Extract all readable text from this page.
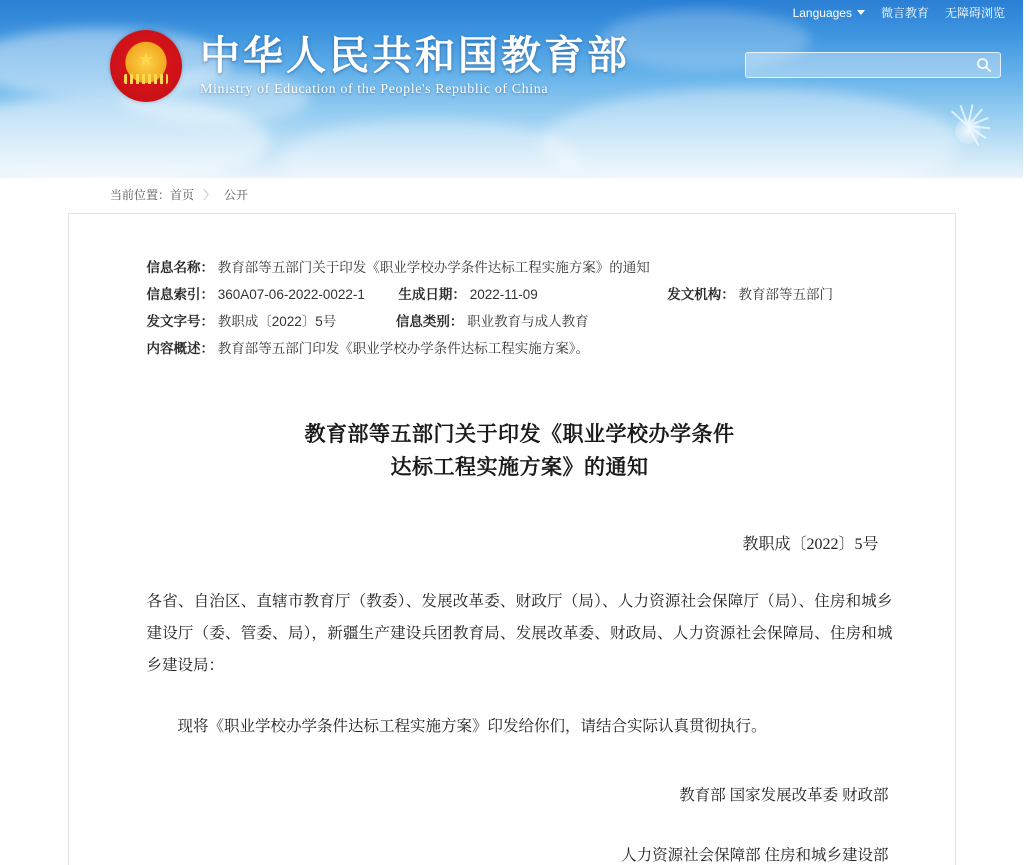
Languages 微言教育 无障碍浏览
★
中华人民共和国教育部
Ministry of Education of the People's Republic of China
当前位置：首页 〉 公开
信息名称： 教育部等五部门关于印发《职业学校办学条件达标工程实施方案》的通知
信息索引： 360A07-06-2022-0022-1 生成日期： 2022-11-09	发文机构： 教育部等五部门
发文字号： 教职成〔2022〕5号	信息类别： 职业教育与成人教育
内容概述： 教育部等五部门印发《职业学校办学条件达标工程实施方案》。
教育部等五部门关于印发《职业学校办学条件
达标工程实施方案》的通知
教职成〔2022〕5号

各省、自治区、直辖市教育厅（教委）、发展改革委、财政厅（局）、人力资源社会保障厅（局）、住房和城乡建设厅（委、管委、局），新疆生产建设兵团教育局、发展改革委、财政局、人力资源社会保障局、住房和城乡建设局：

现将《职业学校办学条件达标工程实施方案》印发给你们，请结合实际认真贯彻执行。

教育部 国家发展改革委 财政部
人力资源社会保障部 住房和城乡建设部
